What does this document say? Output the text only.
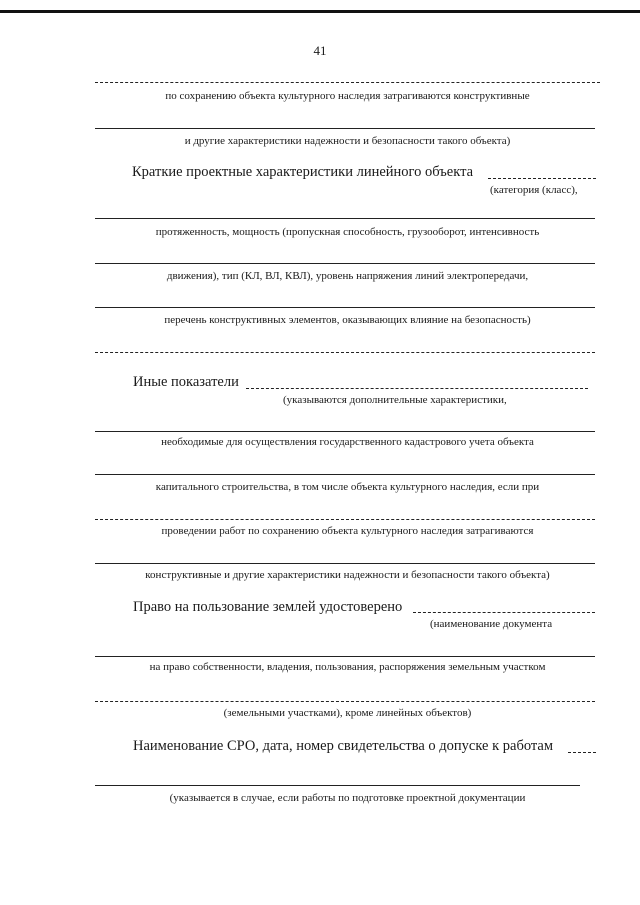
41
по сохранению объекта культурного наследия затрагиваются конструктивные
и другие характеристики надежности и безопасности такого объекта)
Краткие проектные характеристики линейного объекта
(категория (класс),
протяженность, мощность (пропускная способность, грузооборот, интенсивность
движения), тип (КЛ, ВЛ, КВЛ), уровень напряжения линий электропередачи,
перечень конструктивных элементов, оказывающих влияние на безопасность)
Иные показатели
(указываются дополнительные характеристики,
необходимые для осуществления государственного кадастрового учета объекта
капитального строительства, в том числе объекта культурного наследия, если при
проведении работ по сохранению объекта культурного наследия затрагиваются
конструктивные и другие характеристики надежности и безопасности такого объекта)
Право на пользование землей удостоверено
(наименование документа
на право собственности, владения, пользования, распоряжения земельным участком
(земельными участками), кроме линейных объектов)
Наименование СРО, дата, номер свидетельства о допуске к работам
(указывается в случае, если работы по подготовке проектной документации
